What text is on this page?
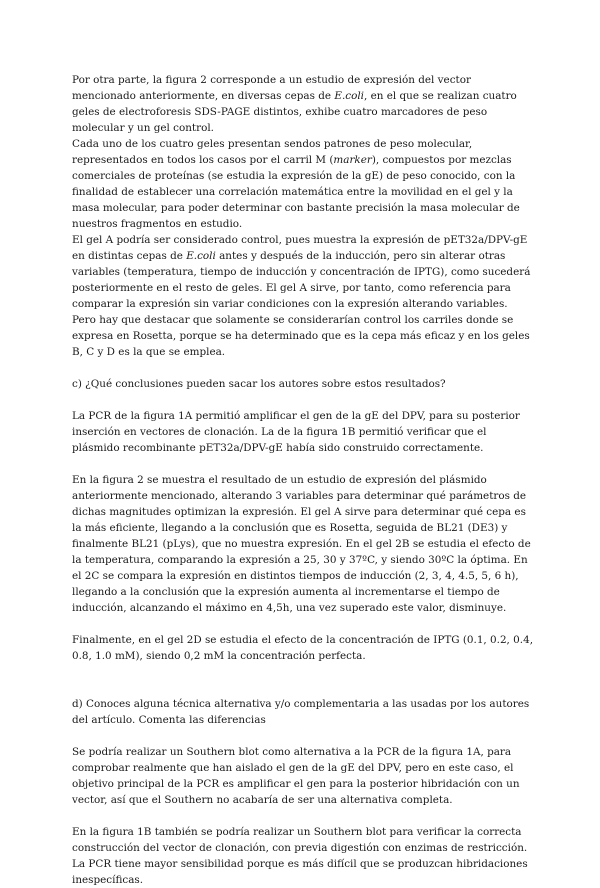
Por otra parte, la figura 2 corresponde a un estudio de expresión del vector mencionado anteriormente, en diversas cepas de E.coli, en el que se realizan cuatro geles de electroforesis SDS-PAGE distintos, exhibe cuatro marcadores de peso molecular y un gel control.

Cada uno de los cuatro geles presentan sendos patrones de peso molecular, representados en todos los casos por el carril M (marker), compuestos por mezclas comerciales de proteínas (se estudia la expresión de la gE) de peso conocido, con la finalidad de establecer una correlación matemática entre la movilidad en el gel y la masa molecular, para poder determinar con bastante precisión la masa molecular de nuestros fragmentos en estudio.

El gel A podría ser considerado control, pues muestra la expresión de pET32a/DPV-gE en distintas cepas de E.coli antes y después de la inducción, pero sin alterar otras variables (temperatura, tiempo de inducción y concentración de IPTG), como sucederá posteriormente en el resto de geles. El gel A sirve, por tanto, como referencia para comparar la expresión sin variar condiciones con la expresión alterando variables. Pero hay que destacar que solamente se considerarían control los carriles donde se expresa en Rosetta, porque se ha determinado que es la cepa más eficaz y en los geles B, C y D es la que se emplea.

c) ¿Qué conclusiones pueden sacar los autores sobre estos resultados?

La PCR de la figura 1A permitió amplificar el gen de la gE del DPV, para su posterior inserción en vectores de clonación. La de la figura 1B permitió verificar que el plásmido recombinante pET32a/DPV-gE había sido construido correctamente.

En la figura 2 se muestra el resultado de un estudio de expresión del plásmido anteriormente mencionado, alterando 3 variables para determinar qué parámetros de dichas magnitudes optimizan la expresión. El gel A sirve para determinar qué cepa es la más eficiente, llegando a la conclusión que es Rosetta, seguida de BL21 (DE3) y finalmente BL21 (pLys), que no muestra expresión. En el gel 2B se estudia el efecto de la temperatura, comparando la expresión a 25, 30 y 37ºC, y siendo 30ºC la óptima. En el 2C se compara la expresión en distintos tiempos de inducción (2, 3, 4, 4.5, 5, 6 h), llegando a la conclusión que la expresión aumenta al incrementarse el tiempo de inducción, alcanzando el máximo en 4,5h, una vez superado este valor, disminuye.

Finalmente, en el gel 2D se estudia el efecto de la concentración de IPTG (0.1, 0.2, 0.4, 0.8, 1.0 mM), siendo 0,2 mM la concentración perfecta.

d) Conoces alguna técnica alternativa y/o complementaria a las usadas por los autores del artículo. Comenta las diferencias

Se podría realizar un Southern blot como alternativa a la PCR de la figura 1A, para comprobar realmente que han aislado el gen de la gE del DPV, pero en este caso, el objetivo principal de la PCR es amplificar el gen para la posterior hibridación con un vector, así que el Southern no acabaría de ser una alternativa completa.

En la figura 1B también se podría realizar un Southern blot para verificar la correcta construcción del vector de clonación, con previa digestión con enzimas de restricción. La PCR tiene mayor sensibilidad porque es más difícil que se produzcan hibridaciones inespecíficas.
